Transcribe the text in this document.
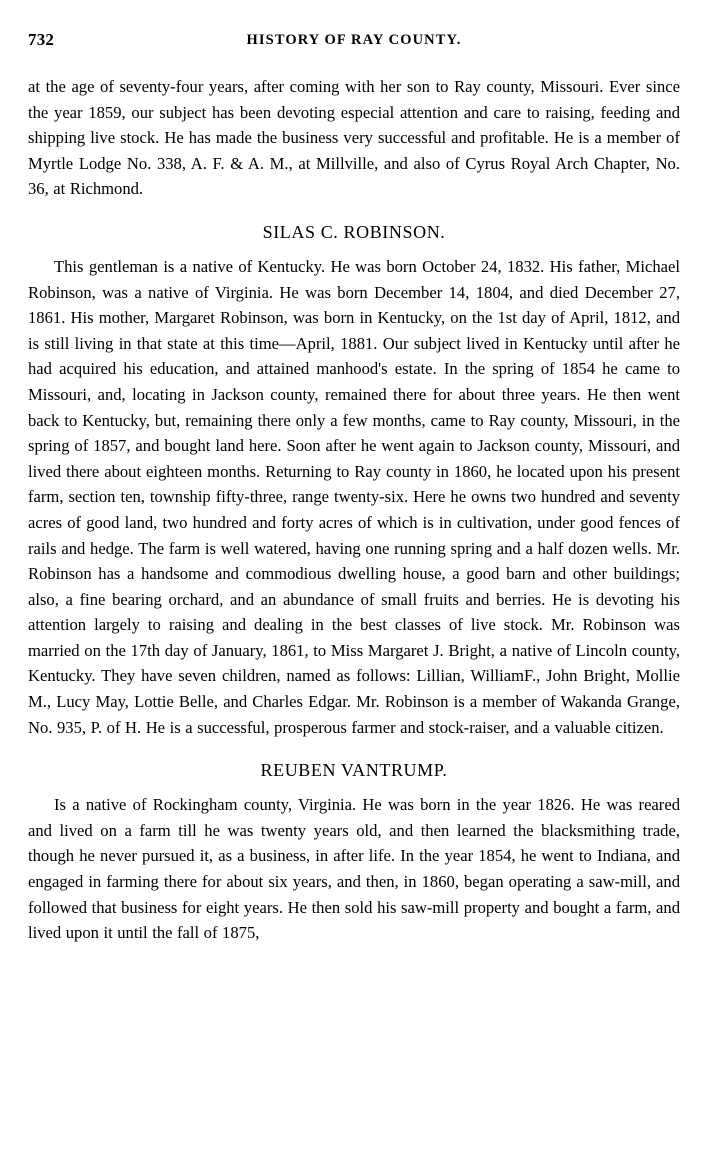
732	HISTORY OF RAY COUNTY.

at the age of seventy-four years, after coming with her son to Ray county, Missouri. Ever since the year 1859, our subject has been devoting especial attention and care to raising, feeding and shipping live stock. He has made the business very successful and profitable. He is a member of Myrtle Lodge No. 338, A. F. & A. M., at Millville, and also of Cyrus Royal Arch Chapter, No. 36, at Richmond.

SILAS C. ROBINSON.

This gentleman is a native of Kentucky. He was born October 24, 1832. His father, Michael Robinson, was a native of Virginia. He was born December 14, 1804, and died December 27, 1861. His mother, Margaret Robinson, was born in Kentucky, on the 1st day of April, 1812, and is still living in that state at this time—April, 1881. Our subject lived in Kentucky until after he had acquired his education, and attained manhood's estate. In the spring of 1854 he came to Missouri, and, locating in Jackson county, remained there for about three years. He then went back to Kentucky, but, remaining there only a few months, came to Ray county, Missouri, in the spring of 1857, and bought land here. Soon after he went again to Jackson county, Missouri, and lived there about eighteen months. Returning to Ray county in 1860, he located upon his present farm, section ten, township fifty-three, range twenty-six. Here he owns two hundred and seventy acres of good land, two hundred and forty acres of which is in cultivation, under good fences of rails and hedge. The farm is well watered, having one running spring and a half dozen wells. Mr. Robinson has a handsome and commodious dwelling house, a good barn and other buildings; also, a fine bearing orchard, and an abundance of small fruits and berries. He is devoting his attention largely to raising and dealing in the best classes of live stock. Mr. Robinson was married on the 17th day of January, 1861, to Miss Margaret J. Bright, a native of Lincoln county, Kentucky. They have seven children, named as follows: Lillian, WilliamF., John Bright, Mollie M., Lucy May, Lottie Belle, and Charles Edgar. Mr. Robinson is a member of Wakanda Grange, No. 935, P. of H. He is a successful, prosperous farmer and stock-raiser, and a valuable citizen.

REUBEN VANTRUMP.

Is a native of Rockingham county, Virginia. He was born in the year 1826. He was reared and lived on a farm till he was twenty years old, and then learned the blacksmithing trade, though he never pursued it, as a business, in after life. In the year 1854, he went to Indiana, and engaged in farming there for about six years, and then, in 1860, began operating a saw-mill, and followed that business for eight years. He then sold his saw-mill property and bought a farm, and lived upon it until the fall of 1875,
